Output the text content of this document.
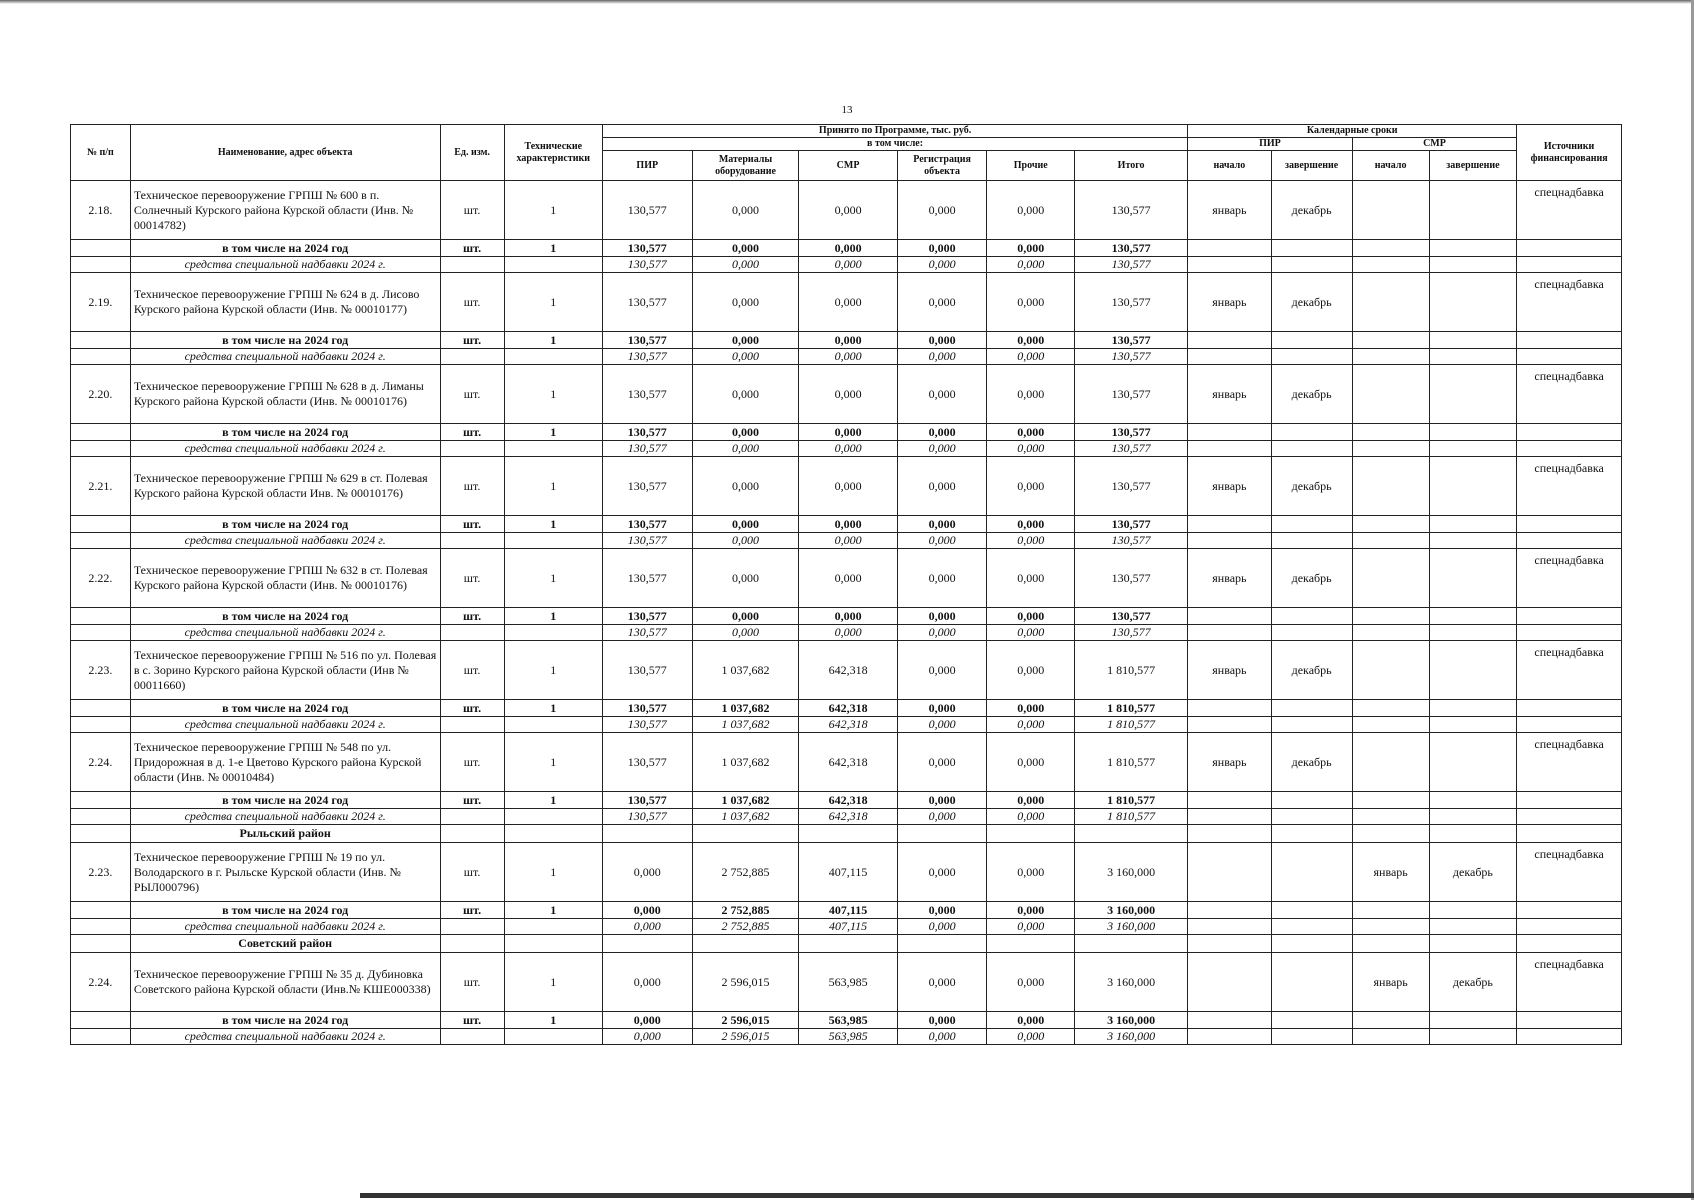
13
№ п/п	Наименование, адрес объекта	Ед. изм.	Технические характеристики	Принято по Программе, тыс. руб.						Календарные сроки				Источники финансирования
				в том числе:						ПИР		СМР		
				ПИР	Материалы оборудование	СМР	Регистрация объекта	Прочие	Итого	начало	завершение	начало	завершение	
2.18.	Техническое перевооружение ГРПШ № 600 в п. Солнечный Курского района Курской области (Инв. № 00014782)	шт.	1	130,577	0,000	0,000	0,000	0,000	130,577	январь	декабрь			спецнадбавка
	в том числе на 2024 год	шт.	1	130,577	0,000	0,000	0,000	0,000	130,577					
	средства специальной надбавки 2024 г.			130,577	0,000	0,000	0,000	0,000	130,577					
2.19.	Техническое перевооружение ГРПШ № 624 в д. Лисово Курского района Курской области (Инв. № 00010177)	шт.	1	130,577	0,000	0,000	0,000	0,000	130,577	январь	декабрь			спецнадбавка
	в том числе на 2024 год	шт.	1	130,577	0,000	0,000	0,000	0,000	130,577					
	средства специальной надбавки 2024 г.			130,577	0,000	0,000	0,000	0,000	130,577					
2.20.	Техническое перевооружение ГРПШ № 628 в д. Лиманы Курского района Курской области (Инв. № 00010176)	шт.	1	130,577	0,000	0,000	0,000	0,000	130,577	январь	декабрь			спецнадбавка
	в том числе на 2024 год	шт.	1	130,577	0,000	0,000	0,000	0,000	130,577					
	средства специальной надбавки 2024 г.			130,577	0,000	0,000	0,000	0,000	130,577					
2.21.	Техническое перевооружение ГРПШ № 629 в ст. Полевая Курского района Курской области Инв. № 00010176)	шт.	1	130,577	0,000	0,000	0,000	0,000	130,577	январь	декабрь			спецнадбавка
	в том числе на 2024 год	шт.	1	130,577	0,000	0,000	0,000	0,000	130,577					
	средства специальной надбавки 2024 г.			130,577	0,000	0,000	0,000	0,000	130,577					
2.22.	Техническое перевооружение ГРПШ № 632 в ст. Полевая Курского района Курской области (Инв. № 00010176)	шт.	1	130,577	0,000	0,000	0,000	0,000	130,577	январь	декабрь			спецнадбавка
	в том числе на 2024 год	шт.	1	130,577	0,000	0,000	0,000	0,000	130,577					
	средства специальной надбавки 2024 г.			130,577	0,000	0,000	0,000	0,000	130,577					
2.23.	Техническое перевооружение ГРПШ № 516 по ул. Полевая в с. Зорино Курского района Курской области (Инв № 00011660)	шт.	1	130,577	1 037,682	642,318	0,000	0,000	1 810,577	январь	декабрь			спецнадбавка
	в том числе на 2024 год	шт.	1	130,577	1 037,682	642,318	0,000	0,000	1 810,577					
	средства специальной надбавки 2024 г.			130,577	1 037,682	642,318	0,000	0,000	1 810,577					
2.24.	Техническое перевооружение ГРПШ № 548 по ул. Придорожная в д. 1-е Цветово Курского района Курской области (Инв. № 00010484)	шт.	1	130,577	1 037,682	642,318	0,000	0,000	1 810,577	январь	декабрь			спецнадбавка
	в том числе на 2024 год	шт.	1	130,577	1 037,682	642,318	0,000	0,000	1 810,577					
	средства специальной надбавки 2024 г.			130,577	1 037,682	642,318	0,000	0,000	1 810,577					
	Рыльский район													
2.23.	Техническое перевооружение ГРПШ № 19 по ул. Володарского в г. Рыльске Курской области (Инв. № РЫЛ000796)	шт.	1	0,000	2 752,885	407,115	0,000	0,000	3 160,000			январь	декабрь	спецнадбавка
	в том числе на 2024 год	шт.	1	0,000	2 752,885	407,115	0,000	0,000	3 160,000					
	средства специальной надбавки 2024 г.			0,000	2 752,885	407,115	0,000	0,000	3 160,000					
	Советский район													
2.24.	Техническое перевооружение ГРПШ № 35 д. Дубиновка Советского района Курской области (Инв.№ КШЕ000338)	шт.	1	0,000	2 596,015	563,985	0,000	0,000	3 160,000			январь	декабрь	спецнадбавка
	в том числе на 2024 год	шт.	1	0,000	2 596,015	563,985	0,000	0,000	3 160,000					
	средства специальной надбавки 2024 г.			0,000	2 596,015	563,985	0,000	0,000	3 160,000					
